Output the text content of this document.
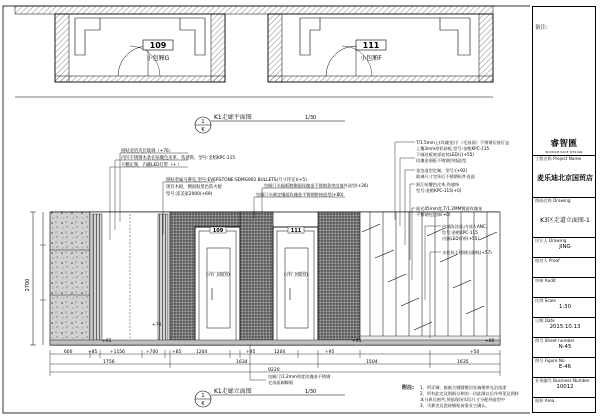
109
小包厢G
111
小包厢F
1
K
K1走廊平面图	1/30
2700
109
(详门细图)
111
(详门细图)
圆贴金箔夹层玻璃（+76）
内凹不锈钢木条在贴覆色皮革，伤感饰，型号:金稻KPC-115
天棚定制，内藏LED灯带（+ ）
圆贴金属马赛克,型号:EVERSTONE:SDMG902 BULLETS(尺寸待定)(+5)
现有木板，侧面贴黑色防火板
型号:富美家2000(+69)
包厢门头隔板镀侧面玫瑰金不锈钢条突出墙外造型(+26)
包厢门头硬定镶面玫瑰金不锈钢拼接造型(+80)
T/1.5mm上(玫瑰金)下（毛丝面）不锈钢压接灯盒
上覆3mm厚彩砂板,型号:金稻KPC-115
下端处板底部安装LED灯(+55)
玫瑰金面板不锈钢凹线造型
金边造型定制，型号:(+92)
玻璃尺寸完毕后不锈钢标件表面
浙江贴覆色皮革,伤感饰
型号:金稻KPC-115(+0)
面光45mm宽,T/1.2MM镀面玫瑰金
不锈钢包边饰(+0)
内部陈涂漆,内部人ANC,
型号:金稻KPC-115
内嵌LED灯带(+55)
水色扶不锈钢压脚线(+57)
+79
+95	+95	+80
包厢门\1.2mm厚度玫瑰金不锈钢
毛丝面踢脚板
600	+85	+1156	+700	+85	1204	+95	1204	+95	+50
1756	1634	1504	1635
9220
1
K
K1走廊立面图	1/30
附注: 1、所弄钢、胶嵌合钢圆镀层处端理带光泊黑漆
2、所有此定及图紙分和的一切此细以后作带见及图样
本分界后窗共,须依现场实际尺寸分配到造型中
3、马赛克及瓷砖铺贴前需业主确认。
备注:
睿智匯
WISDOM PACE DESIGN
工程名称 Project Name
麦乐迪北京国贸店
图纸名称 Drawing
K3区走道立面图-1
设计人 Drawing
JING
校对人 Proof
审核 Audit
比例 Scale
1:30
日期 Date
2015.10.13
图号 Sheet number
N-45
图号 Figure No
E-46
业务编号 Business Number
10012
面积 Area
